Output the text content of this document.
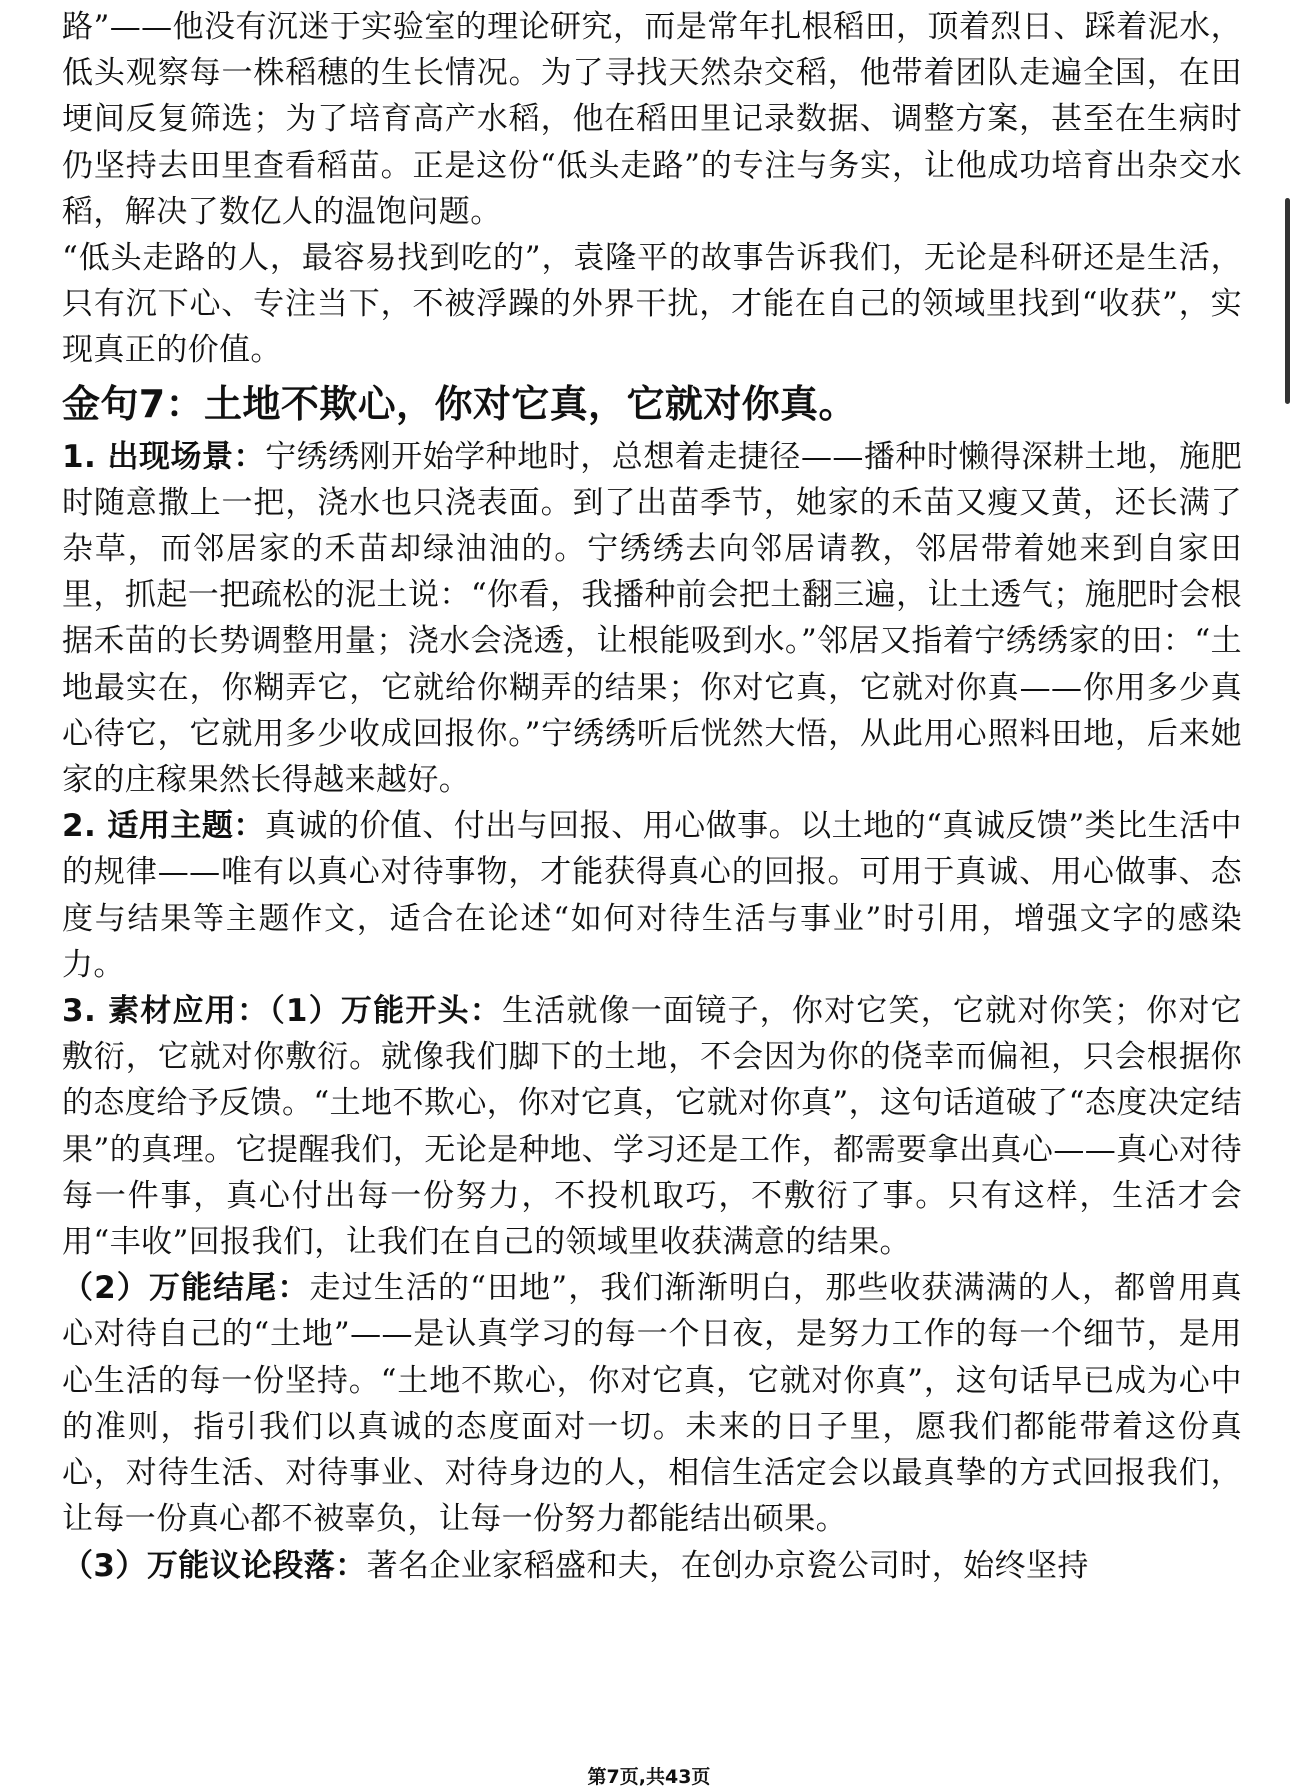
路”——他没有沉迷于实验室的理论研究，而是常年扎根稻田，顶着烈日、踩着泥水，低头观察每一株稻穗的生长情况。为了寻找天然杂交稻，他带着团队走遍全国，在田埂间反复筛选；为了培育高产水稻，他在稻田里记录数据、调整方案，甚至在生病时仍坚持去田里查看稻苗。正是这份“低头走路”的专注与务实，让他成功培育出杂交水稻，解决了数亿人的温饱问题。

“低头走路的人，最容易找到吃的”，袁隆平的故事告诉我们，无论是科研还是生活，只有沉下心、专注当下，不被浮躁的外界干扰，才能在自己的领域里找到“收获”，实现真正的价值。

金句7：土地不欺心，你对它真，它就对你真。

1. 出现场景：宁绣绣刚开始学种地时，总想着走捷径——播种时懒得深耕土地，施肥时随意撒上一把，浇水也只浇表面。到了出苗季节，她家的禾苗又瘦又黄，还长满了杂草，而邻居家的禾苗却绿油油的。宁绣绣去向邻居请教，邻居带着她来到自家田里，抓起一把疏松的泥土说：“你看，我播种前会把土翻三遍，让土透气；施肥时会根据禾苗的长势调整用量；浇水会浇透，让根能吸到水。”邻居又指着宁绣绣家的田：“土地最实在，你糊弄它，它就给你糊弄的结果；你对它真，它就对你真——你用多少真心待它，它就用多少收成回报你。”宁绣绣听后恍然大悟，从此用心照料田地，后来她家的庄稼果然长得越来越好。

2. 适用主题：真诚的价值、付出与回报、用心做事。以土地的“真诚反馈”类比生活中的规律——唯有以真心对待事物，才能获得真心的回报。可用于真诚、用心做事、态度与结果等主题作文，适合在论述“如何对待生活与事业”时引用，增强文字的感染力。

3. 素材应用：（1）万能开头：生活就像一面镜子，你对它笑，它就对你笑；你对它敷衍，它就对你敷衍。就像我们脚下的土地，不会因为你的侥幸而偏袒，只会根据你的态度给予反馈。“土地不欺心，你对它真，它就对你真”，这句话道破了“态度决定结果”的真理。它提醒我们，无论是种地、学习还是工作，都需要拿出真心——真心对待每一件事，真心付出每一份努力，不投机取巧，不敷衍了事。只有这样，生活才会用“丰收”回报我们，让我们在自己的领域里收获满意的结果。

（2）万能结尾：走过生活的“田地”，我们渐渐明白，那些收获满满的人，都曾用真心对待自己的“土地”——是认真学习的每一个日夜，是努力工作的每一个细节，是用心生活的每一份坚持。“土地不欺心，你对它真，它就对你真”，这句话早已成为心中的准则，指引我们以真诚的态度面对一切。未来的日子里，愿我们都能带着这份真心，对待生活、对待事业、对待身边的人，相信生活定会以最真挚的方式回报我们，让每一份真心都不被辜负，让每一份努力都能结出硕果。

（3）万能议论段落：著名企业家稻盛和夫，在创办京瓷公司时，始终坚持

第7页,共43页
